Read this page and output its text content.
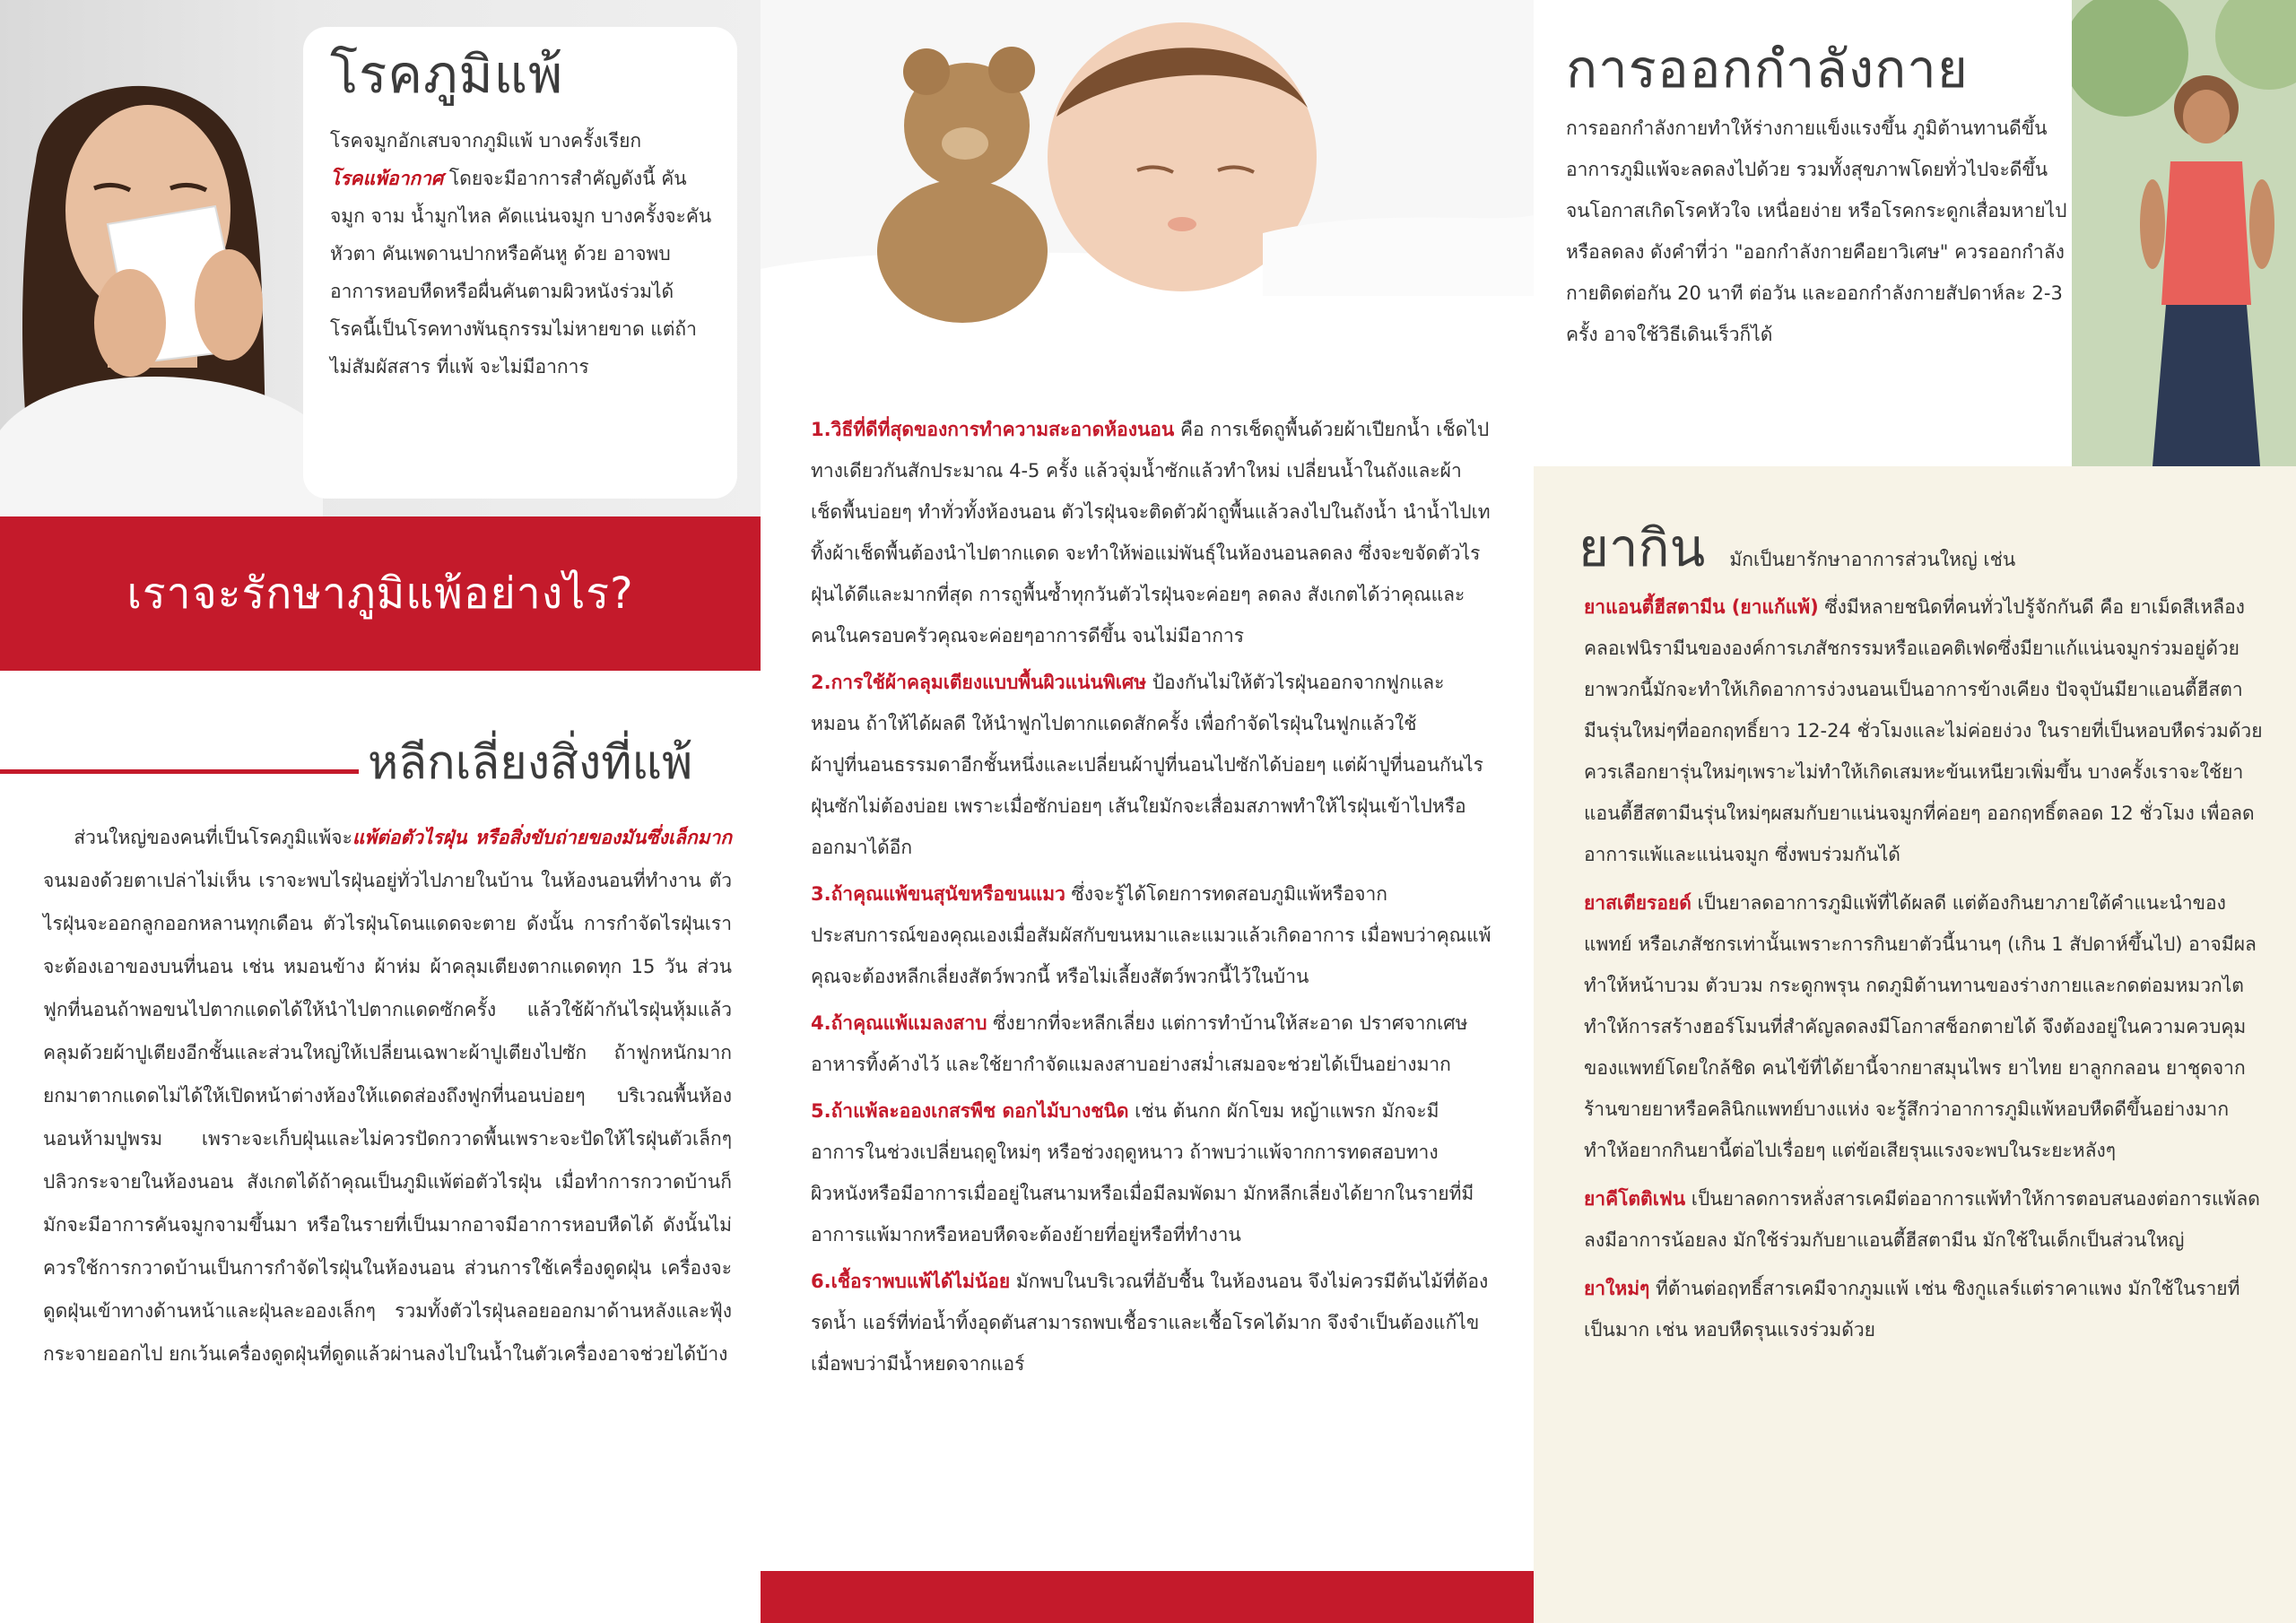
โรคภูมิแพ้
โรคจมูกอักเสบจากภูมิแพ้ บางครั้งเรียก
โรคแพ้อากาศ โดยจะมีอาการสำคัญดังนี้ คันจมูก จาม น้ำมูกไหล คัดแน่นจมูก บางครั้งจะคันหัวตา คันเพดานปากหรือคันหู ด้วย อาจพบอาการหอบหืดหรือผื่นคันตามผิวหนังร่วมได้ โรคนี้เป็นโรคทางพันธุกรรมไม่หายขาด แต่ถ้าไม่สัมผัสสาร ที่แพ้ จะไม่มีอาการ
เราจะรักษาภูมิแพ้อย่างไร?
หลีกเลี่ยงสิ่งที่แพ้
ส่วนใหญ่ของคนที่เป็นโรคภูมิแพ้จะแพ้ต่อตัวไรฝุ่น หรือสิ่งขับถ่ายของมันซึ่งเล็กมาก จนมองด้วยตาเปล่าไม่เห็น เราจะพบไรฝุ่นอยู่ทั่วไปภายในบ้าน ในห้องนอนที่ทำงาน ตัวไรฝุ่นจะออกลูกออกหลานทุกเดือน ตัวไรฝุ่นโดนแดดจะตาย ดังนั้น การกำจัดไรฝุ่นเราจะต้องเอาของบนที่นอน เช่น หมอนข้าง ผ้าห่ม ผ้าคลุมเตียงตากแดดทุก 15 วัน ส่วนฟูกที่นอนถ้าพอขนไปตากแดดได้ให้นำไปตากแดดซักครั้ง แล้วใช้ผ้ากันไรฝุ่นหุ้มแล้วคลุมด้วยผ้าปูเตียงอีกชั้นและส่วนใหญ่ให้เปลี่ยนเฉพาะผ้าปูเตียงไปซัก ถ้าฟูกหนักมาก ยกมาตากแดดไม่ได้ให้เปิดหน้าต่างห้องให้แดดส่องถึงฟูกที่นอนบ่อยๆ บริเวณพื้นห้องนอนห้ามปูพรม เพราะจะเก็บฝุ่นและไม่ควรปัดกวาดพื้นเพราะจะปัดให้ไรฝุ่นตัวเล็กๆปลิวกระจายในห้องนอน สังเกตได้ถ้าคุณเป็นภูมิแพ้ต่อตัวไรฝุ่น เมื่อทำการกวาดบ้านก็มักจะมีอาการคันจมูกจามขึ้นมา หรือในรายที่เป็นมากอาจมีอาการหอบหืดได้ ดังนั้นไม่ควรใช้การกวาดบ้านเป็นการกำจัดไรฝุ่นในห้องนอน ส่วนการใช้เครื่องดูดฝุ่น เครื่องจะดูดฝุ่นเข้าทางด้านหน้าและฝุ่นละอองเล็กๆ รวมทั้งตัวไรฝุ่นลอยออกมาด้านหลังและฟุ้งกระจายออกไป ยกเว้นเครื่องดูดฝุ่นที่ดูดแล้วผ่านลงไปในน้ำในตัวเครื่องอาจช่วยได้บ้าง

1.วิธีที่ดีที่สุดของการทำความสะอาดห้องนอน คือ การเช็ดถูพื้นด้วยผ้าเปียกน้ำ เช็ดไปทางเดียวกันสักประมาณ 4-5 ครั้ง แล้วจุ่มน้ำซักแล้วทำใหม่ เปลี่ยนน้ำในถังและผ้าเช็ดพื้นบ่อยๆ ทำทั่วทั้งห้องนอน ตัวไรฝุ่นจะติดตัวผ้าถูพื้นแล้วลงไปในถังน้ำ นำน้ำไปเททิ้งผ้าเช็ดพื้นต้องนำไปตากแดด จะทำให้พ่อแม่พันธุ์ในห้องนอนลดลง ซึ่งจะขจัดตัวไรฝุ่นได้ดีและมากที่สุด การถูพื้นซ้ำทุกวันตัวไรฝุ่นจะค่อยๆ ลดลง สังเกตได้ว่าคุณและคนในครอบครัวคุณจะค่อยๆอาการดีขึ้น จนไม่มีอาการ

2.การใช้ผ้าคลุมเตียงแบบพื้นผิวแน่นพิเศษ ป้องกันไม่ให้ตัวไรฝุ่นออกจากฟูกและหมอน ถ้าให้ได้ผลดี ให้นำฟูกไปตากแดดสักครั้ง เพื่อกำจัดไรฝุ่นในฟูกแล้วใช้ผ้าปูที่นอนธรรมดาอีกชั้นหนึ่งและเปลี่ยนผ้าปูที่นอนไปซักได้บ่อยๆ แต่ผ้าปูที่นอนกันไรฝุ่นซักไม่ต้องบ่อย เพราะเมื่อซักบ่อยๆ เส้นใยมักจะเสื่อมสภาพทำให้ไรฝุ่นเข้าไปหรือออกมาได้อีก

3.ถ้าคุณแพ้ขนสุนัขหรือขนแมว ซึ่งจะรู้ได้โดยการทดสอบภูมิแพ้หรือจากประสบการณ์ของคุณเองเมื่อสัมผัสกับขนหมาและแมวแล้วเกิดอาการ เมื่อพบว่าคุณแพ้คุณจะต้องหลีกเลี่ยงสัตว์พวกนี้ หรือไม่เลี้ยงสัตว์พวกนี้ไว้ในบ้าน

4.ถ้าคุณแพ้แมลงสาบ ซึ่งยากที่จะหลีกเลี่ยง แต่การทำบ้านให้สะอาด ปราศจากเศษอาหารทิ้งค้างไว้ และใช้ยากำจัดแมลงสาบอย่างสม่ำเสมอจะช่วยได้เป็นอย่างมาก

5.ถ้าแพ้ละอองเกสรพืช ดอกไม้บางชนิด เช่น ต้นกก ผักโขม หญ้าแพรก มักจะมีอาการในช่วงเปลี่ยนฤดูใหม่ๆ หรือช่วงฤดูหนาว ถ้าพบว่าแพ้จากการทดสอบทางผิวหนังหรือมีอาการเมื่ออยู่ในสนามหรือเมื่อมีลมพัดมา มักหลีกเลี่ยงได้ยากในรายที่มีอาการแพ้มากหรือหอบหืดจะต้องย้ายที่อยู่หรือที่ทำงาน

6.เชื้อราพบแพ้ได้ไม่น้อย มักพบในบริเวณที่อับชื้น ในห้องนอน จึงไม่ควรมีต้นไม้ที่ต้องรดน้ำ แอร์ที่ท่อน้ำทิ้งอุดตันสามารถพบเชื้อราและเชื้อโรคได้มาก จึงจำเป็นต้องแก้ไขเมื่อพบว่ามีน้ำหยดจากแอร์

การออกกำลังกาย
การออกกำลังกายทำให้ร่างกายแข็งแรงขึ้น ภูมิต้านทานดีขึ้น อาการภูมิแพ้จะลดลงไปด้วย รวมทั้งสุขภาพโดยทั่วไปจะดีขึ้น จนโอกาสเกิดโรคหัวใจ เหนื่อยง่าย หรือโรคกระดูกเสื่อมหายไปหรือลดลง ดังคำที่ว่า "ออกกำลังกายคือยาวิเศษ" ควรออกกำลังกายติดต่อกัน 20 นาที ต่อวัน และออกกำลังกายสัปดาห์ละ 2-3 ครั้ง อาจใช้วิธีเดินเร็วก็ได้
ยากิน มักเป็นยารักษาอาการส่วนใหญ่ เช่น

ยาแอนตี้ฮีสตามีน (ยาแก้แพ้) ซึ่งมีหลายชนิดที่คนทั่วไปรู้จักกันดี คือ ยาเม็ดสีเหลืองคลอเฟนิรามีนขององค์การเภสัชกรรมหรือแอคติเฟดซึ่งมียาแก้แน่นจมูกร่วมอยู่ด้วย ยาพวกนี้มักจะทำให้เกิดอาการง่วงนอนเป็นอาการข้างเคียง ปัจจุบันมียาแอนตี้ฮีสตามีนรุ่นใหม่ๆที่ออกฤทธิ์ยาว 12-24 ชั่วโมงและไม่ค่อยง่วง ในรายที่เป็นหอบหืดร่วมด้วยควรเลือกยารุ่นใหม่ๆเพราะไม่ทำให้เกิดเสมหะข้นเหนียวเพิ่มขึ้น บางครั้งเราจะใช้ยาแอนตี้ฮีสตามีนรุ่นใหม่ๆผสมกับยาแน่นจมูกที่ค่อยๆ ออกฤทธิ์ตลอด 12 ชั่วโมง เพื่อลดอาการแพ้และแน่นจมูก ซึ่งพบร่วมกันได้

ยาสเตียรอยด์ เป็นยาลดอาการภูมิแพ้ที่ได้ผลดี แต่ต้องกินยาภายใต้คำแนะนำของแพทย์ หรือเภสัชกรเท่านั้นเพราะการกินยาตัวนี้นานๆ (เกิน 1 สัปดาห์ขึ้นไป) อาจมีผลทำให้หน้าบวม ตัวบวม กระดูกพรุน กดภูมิต้านทานของร่างกายและกดต่อมหมวกไต ทำให้การสร้างฮอร์โมนที่สำคัญลดลงมีโอกาสช็อกตายได้ จึงต้องอยู่ในความควบคุมของแพทย์โดยใกล้ชิด คนไข้ที่ได้ยานี้จากยาสมุนไพร ยาไทย ยาลูกกลอน ยาชุดจากร้านขายยาหรือคลินิกแพทย์บางแห่ง จะรู้สึกว่าอาการภูมิแพ้หอบหืดดีขึ้นอย่างมาก ทำให้อยากกินยานี้ต่อไปเรื่อยๆ แต่ข้อเสียรุนแรงจะพบในระยะหลังๆ

ยาคีโตติเฟน เป็นยาลดการหลั่งสารเคมีต่ออาการแพ้ทำให้การตอบสนองต่อการแพ้ลดลงมีอาการน้อยลง มักใช้ร่วมกับยาแอนตี้ฮีสตามีน มักใช้ในเด็กเป็นส่วนใหญ่

ยาใหม่ๆ ที่ต้านต่อฤทธิ์สารเคมีจากภูมแพ้ เช่น ซิงกูแลร์แต่ราคาแพง มักใช้ในรายที่เป็นมาก เช่น หอบหืดรุนแรงร่วมด้วย
